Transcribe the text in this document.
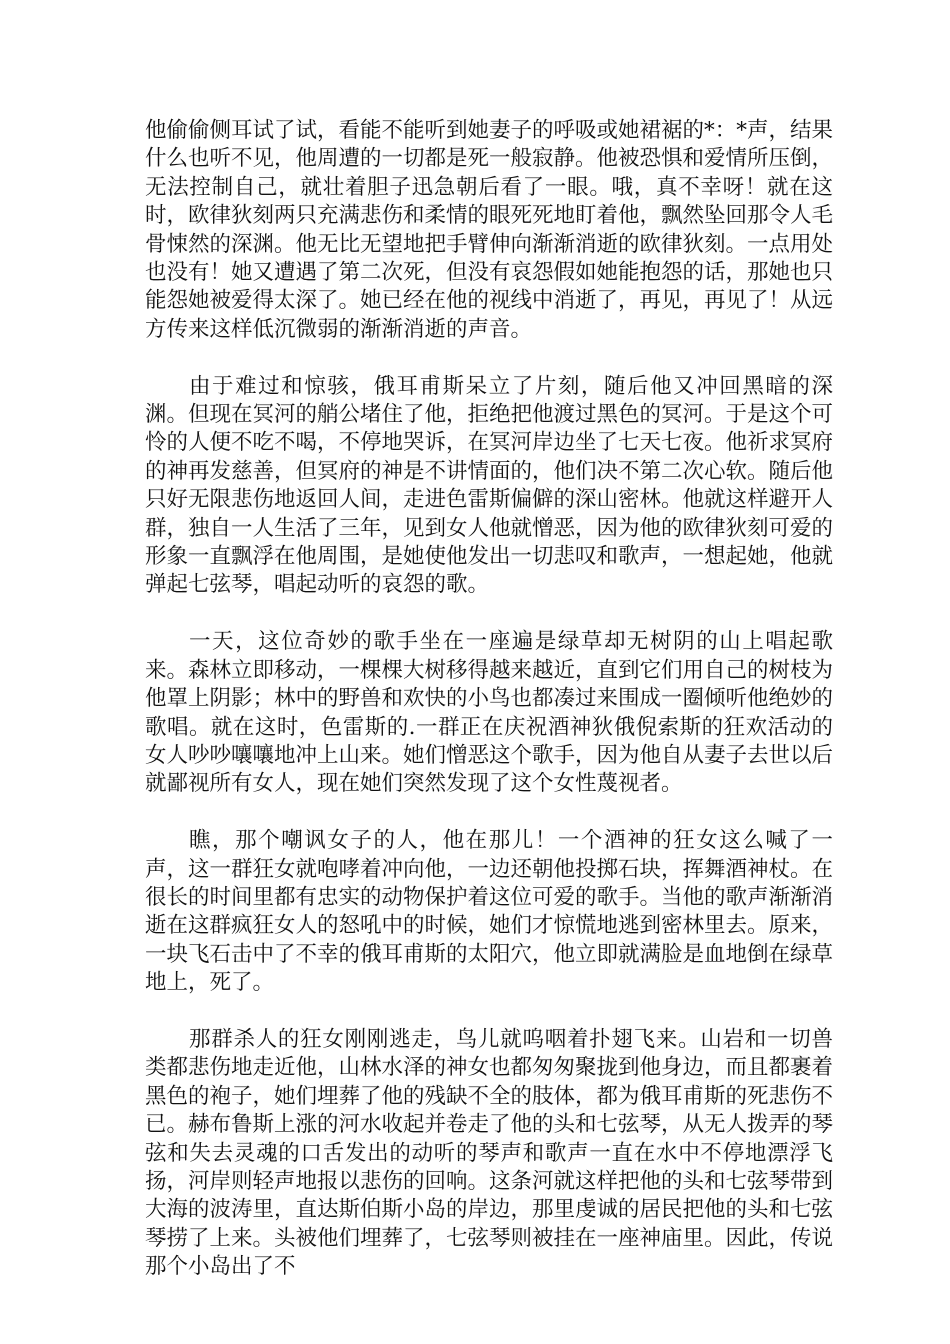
他偷偷侧耳试了试，看能不能听到她妻子的呼吸或她裙裾的*：*声，结果什么也听不见，他周遭的一切都是死一般寂静。他被恐惧和爱情所压倒，无法控制自己，就壮着胆子迅急朝后看了一眼。哦，真不幸呀！就在这时，欧律狄刻两只充满悲伤和柔情的眼死死地盯着他，飘然坠回那令人毛骨悚然的深渊。他无比无望地把手臂伸向渐渐消逝的欧律狄刻。一点用处也没有！她又遭遇了第二次死，但没有哀怨假如她能抱怨的话，那她也只能怨她被爱得太深了。她已经在他的视线中消逝了，再见，再见了！从远方传来这样低沉微弱的渐渐消逝的声音。

由于难过和惊骇，俄耳甫斯呆立了片刻，随后他又冲回黑暗的深渊。但现在冥河的艄公堵住了他，拒绝把他渡过黑色的冥河。于是这个可怜的人便不吃不喝，不停地哭诉，在冥河岸边坐了七天七夜。他祈求冥府的神再发慈善，但冥府的神是不讲情面的，他们决不第二次心软。随后他只好无限悲伤地返回人间，走进色雷斯偏僻的深山密林。他就这样避开人群，独自一人生活了三年，见到女人他就憎恶，因为他的欧律狄刻可爱的形象一直飘浮在他周围，是她使他发出一切悲叹和歌声，一想起她，他就弹起七弦琴，唱起动听的哀怨的歌。

一天，这位奇妙的歌手坐在一座遍是绿草却无树阴的山上唱起歌来。森林立即移动，一棵棵大树移得越来越近，直到它们用自己的树枝为他罩上阴影；林中的野兽和欢快的小鸟也都凑过来围成一圈倾听他绝妙的歌唱。就在这时，色雷斯的.一群正在庆祝酒神狄俄倪索斯的狂欢活动的女人吵吵嚷嚷地冲上山来。她们憎恶这个歌手，因为他自从妻子去世以后就鄙视所有女人，现在她们突然发现了这个女性蔑视者。

瞧，那个嘲讽女子的人，他在那儿！一个酒神的狂女这么喊了一声，这一群狂女就咆哮着冲向他，一边还朝他投掷石块，挥舞酒神杖。在很长的时间里都有忠实的动物保护着这位可爱的歌手。当他的歌声渐渐消逝在这群疯狂女人的怒吼中的时候，她们才惊慌地逃到密林里去。原来，一块飞石击中了不幸的俄耳甫斯的太阳穴，他立即就满脸是血地倒在绿草地上，死了。

那群杀人的狂女刚刚逃走，鸟儿就呜咽着扑翅飞来。山岩和一切兽类都悲伤地走近他，山林水泽的神女也都匆匆聚拢到他身边，而且都裹着黑色的袍子，她们埋葬了他的残缺不全的肢体，都为俄耳甫斯的死悲伤不已。赫布鲁斯上涨的河水收起并卷走了他的头和七弦琴，从无人拨弄的琴弦和失去灵魂的口舌发出的动听的琴声和歌声一直在水中不停地漂浮飞扬，河岸则轻声地报以悲伤的回响。这条河就这样把他的头和七弦琴带到大海的波涛里，直达斯伯斯小岛的岸边，那里虔诚的居民把他的头和七弦琴捞了上来。头被他们埋葬了，七弦琴则被挂在一座神庙里。因此，传说那个小岛出了不
